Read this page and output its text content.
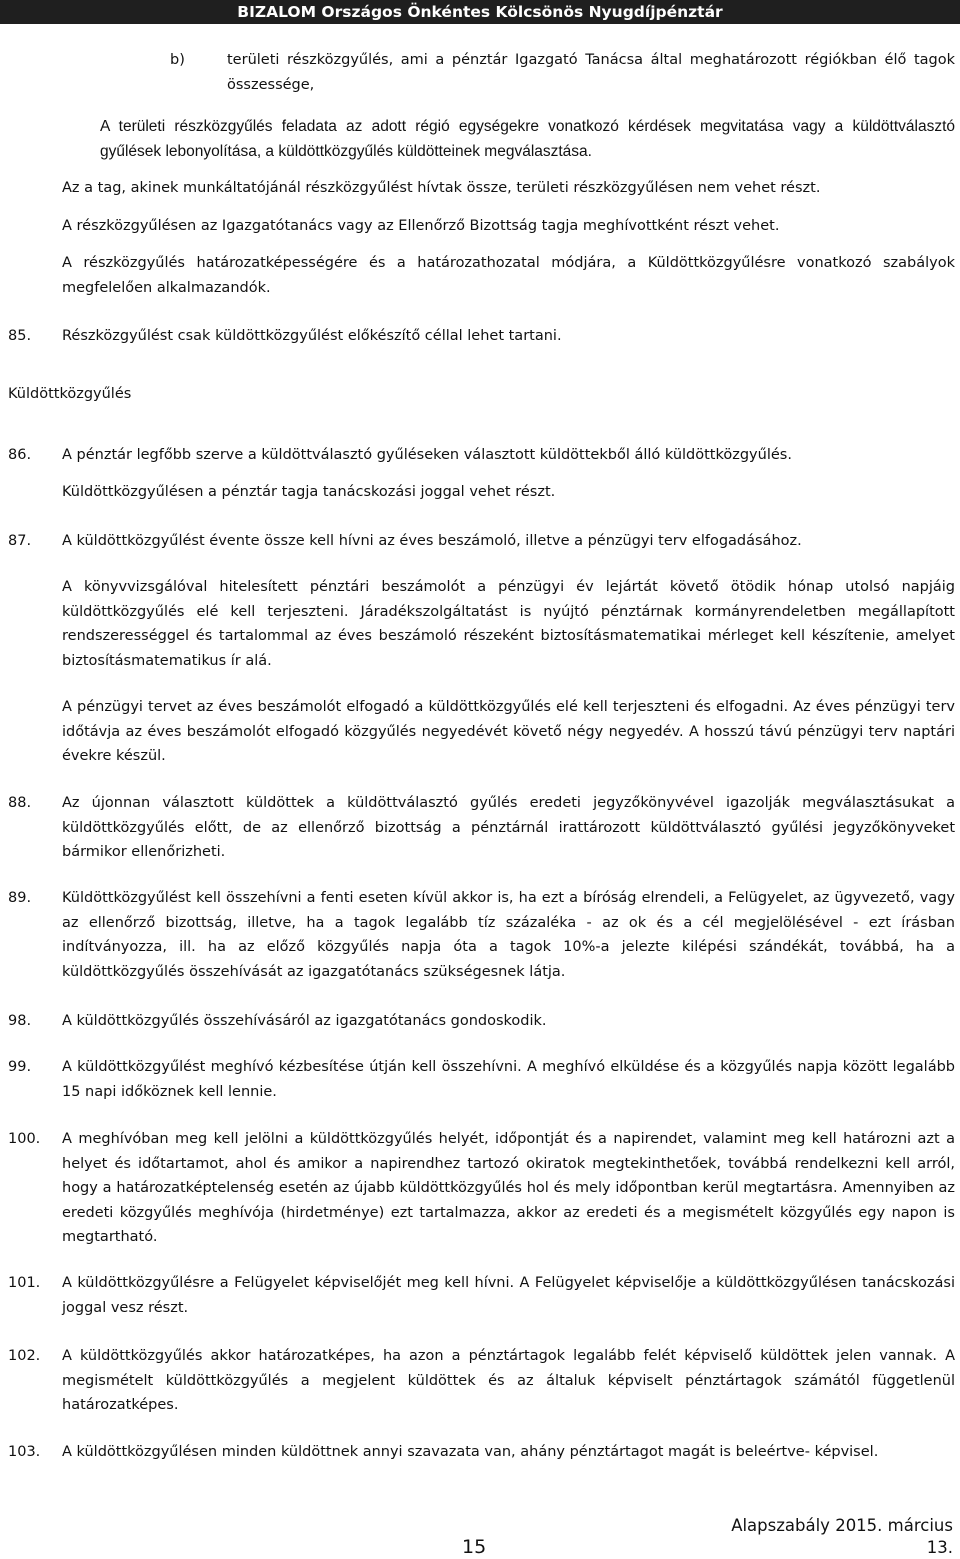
BIZALOM Országos Önkéntes Kölcsönös Nyugdíjpénztár
b)	területi részközgyűlés, ami a pénztár Igazgató Tanácsa által meghatározott régiókban élő tagok összessége,
A területi részközgyűlés feladata az adott régió egységekre vonatkozó kérdések megvitatása vagy a küldöttválasztó gyűlések lebonyolítása, a küldöttközgyűlés küldötteinek megválasztása.
Az a tag, akinek munkáltatójánál részközgyűlést hívtak össze, területi részközgyűlésen nem vehet részt.
A részközgyűlésen az Igazgatótanács vagy az Ellenőrző Bizottság tagja meghívottként részt vehet.
A részközgyűlés határozatképességére és a határozathozatal módjára, a Küldöttközgyűlésre vonatkozó szabályok megfelelően alkalmazandók.
85. Részközgyűlést csak küldöttközgyűlést előkészítő céllal lehet tartani.
Küldöttközgyűlés
86. A pénztár legfőbb szerve a küldöttválasztó gyűléseken választott küldöttekből álló küldöttközgyűlés.
Küldöttközgyűlésen a pénztár tagja tanácskozási joggal vehet részt.
87. A küldöttközgyűlést évente össze kell hívni az éves beszámoló, illetve a pénzügyi terv elfogadásához.
A könyvvizsgálóval hitelesített pénztári beszámolót a pénzügyi év lejártát követő ötödik hónap utolsó napjáig küldöttközgyűlés elé kell terjeszteni. Járadékszolgáltatást is nyújtó pénztárnak kormányrendeletben megállapított rendszerességgel és tartalommal az éves beszámoló részeként biztosításmatematikai mérleget kell készítenie, amelyet biztosításmatematikus ír alá.
A pénzügyi tervet az éves beszámolót elfogadó a küldöttközgyűlés elé kell terjeszteni és elfogadni. Az éves pénzügyi terv időtávja az éves beszámolót elfogadó közgyűlés negyedévét követő négy negyedév. A hosszú távú pénzügyi terv naptári évekre készül.
88. Az újonnan választott küldöttek a küldöttválasztó gyűlés eredeti jegyzőkönyvével igazolják megválasztásukat a küldöttközgyűlés előtt, de az ellenőrző bizottság a pénztárnál irattározott küldöttválasztó gyűlési jegyzőkönyveket bármikor ellenőrizheti.
89. Küldöttközgyűlést kell összehívni a fenti eseten kívül akkor is, ha ezt a bíróság elrendeli, a Felügyelet, az ügyvezető, vagy az ellenőrző bizottság, illetve, ha a tagok legalább tíz százaléka - az ok és a cél megjelölésével - ezt írásban indítványozza, ill. ha az előző közgyűlés napja óta a tagok 10%-a jelezte kilépési szándékát, továbbá, ha a küldöttközgyűlés összehívását az igazgatótanács szükségesnek látja.
98. A küldöttközgyűlés összehívásáról az igazgatótanács gondoskodik.
99. A küldöttközgyűlést meghívó kézbesítése útján kell összehívni. A meghívó elküldése és a közgyűlés napja között legalább 15 napi időköznek kell lennie.
100. A meghívóban meg kell jelölni a küldöttközgyűlés helyét, időpontját és a napirendet, valamint meg kell határozni azt a helyet és időtartamot, ahol és amikor a napirendhez tartozó okiratok megtekinthetőek, továbbá rendelkezni kell arról, hogy a határozatképtelenség esetén az újabb küldöttközgyűlés hol és mely időpontban kerül megtartásra. Amennyiben az eredeti közgyűlés meghívója (hirdetménye) ezt tartalmazza, akkor az eredeti és a megismételt közgyűlés egy napon is megtartható.
101. A küldöttközgyűlésre a Felügyelet képviselőjét meg kell hívni. A Felügyelet képviselője a küldöttközgyűlésen tanácskozási joggal vesz részt.
102. A küldöttközgyűlés akkor határozatképes, ha azon a pénztártagok legalább felét képviselő küldöttek jelen vannak. A megismételt küldöttközgyűlés a megjelent küldöttek és az általuk képviselt pénztártagok számától függetlenül határozatképes.
103. A küldöttközgyűlésen minden küldöttnek annyi szavazata van, ahány pénztártagot magát is beleértve- képvisel.
Alapszabály 2015. március 13.
15
